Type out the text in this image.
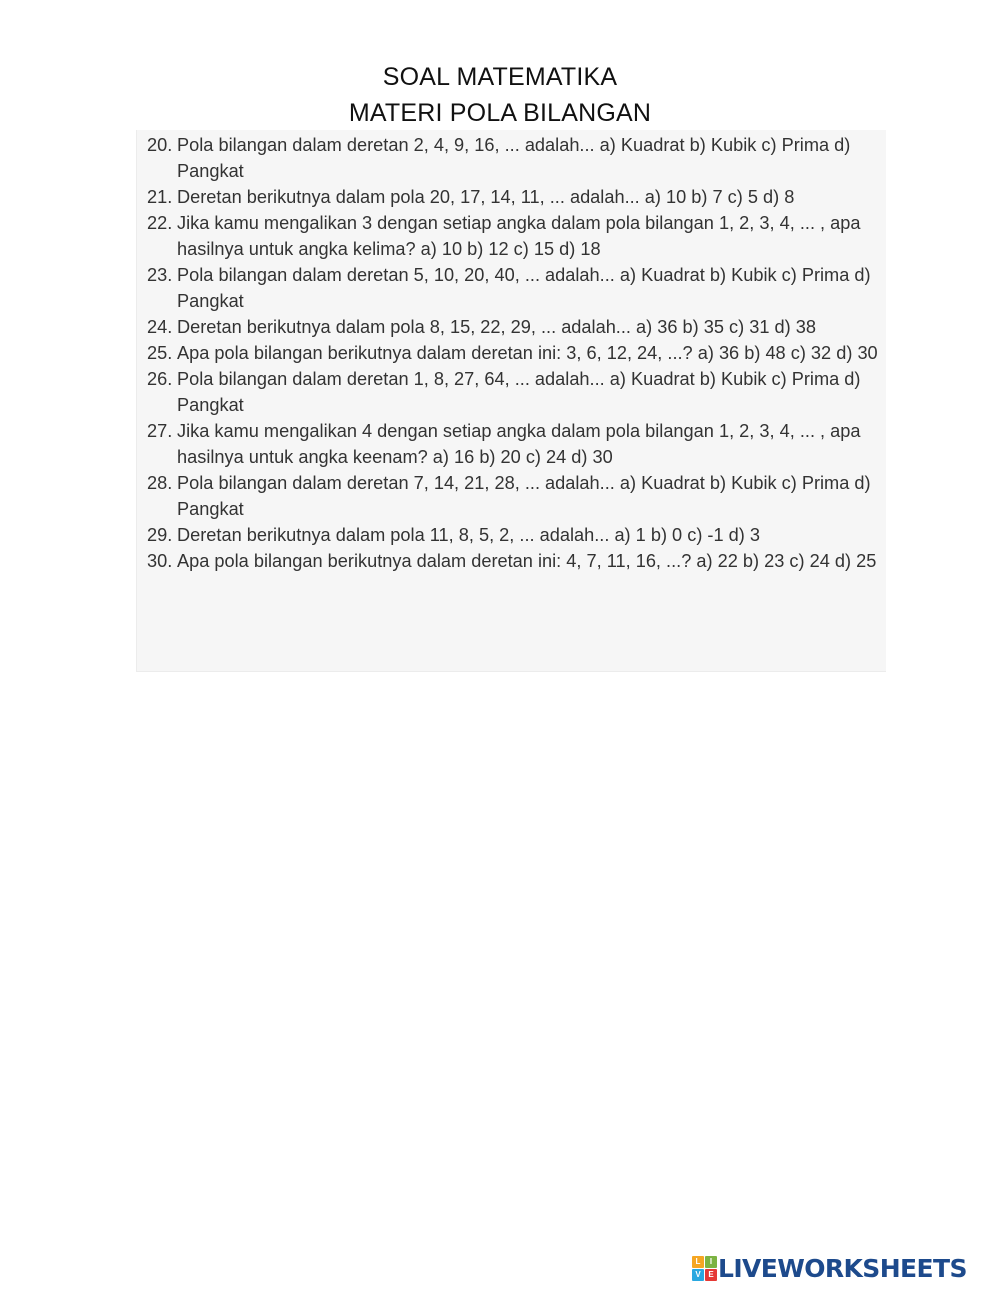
SOAL MATEMATIKA
MATERI POLA BILANGAN
20. Pola bilangan dalam deretan 2, 4, 9, 16, ... adalah... a) Kuadrat b) Kubik c) Prima d) Pangkat
21. Deretan berikutnya dalam pola 20, 17, 14, 11, ... adalah... a) 10 b) 7 c) 5 d) 8
22. Jika kamu mengalikan 3 dengan setiap angka dalam pola bilangan 1, 2, 3, 4, ... , apa hasilnya untuk angka kelima? a) 10 b) 12 c) 15 d) 18
23. Pola bilangan dalam deretan 5, 10, 20, 40, ... adalah... a) Kuadrat b) Kubik c) Prima d) Pangkat
24. Deretan berikutnya dalam pola 8, 15, 22, 29, ... adalah... a) 36 b) 35 c) 31 d) 38
25. Apa pola bilangan berikutnya dalam deretan ini: 3, 6, 12, 24, ...? a) 36 b) 48 c) 32 d) 30
26. Pola bilangan dalam deretan 1, 8, 27, 64, ... adalah... a) Kuadrat b) Kubik c) Prima d) Pangkat
27. Jika kamu mengalikan 4 dengan setiap angka dalam pola bilangan 1, 2, 3, 4, ... , apa hasilnya untuk angka keenam? a) 16 b) 20 c) 24 d) 30
28. Pola bilangan dalam deretan 7, 14, 21, 28, ... adalah... a) Kuadrat b) Kubik c) Prima d) Pangkat
29. Deretan berikutnya dalam pola 11, 8, 5, 2, ... adalah... a) 1 b) 0 c) -1 d) 3
30. Apa pola bilangan berikutnya dalam deretan ini: 4, 7, 11, 16, ...? a) 22 b) 23 c) 24 d) 25
L	I
V E LIVEWORKSHEETS
